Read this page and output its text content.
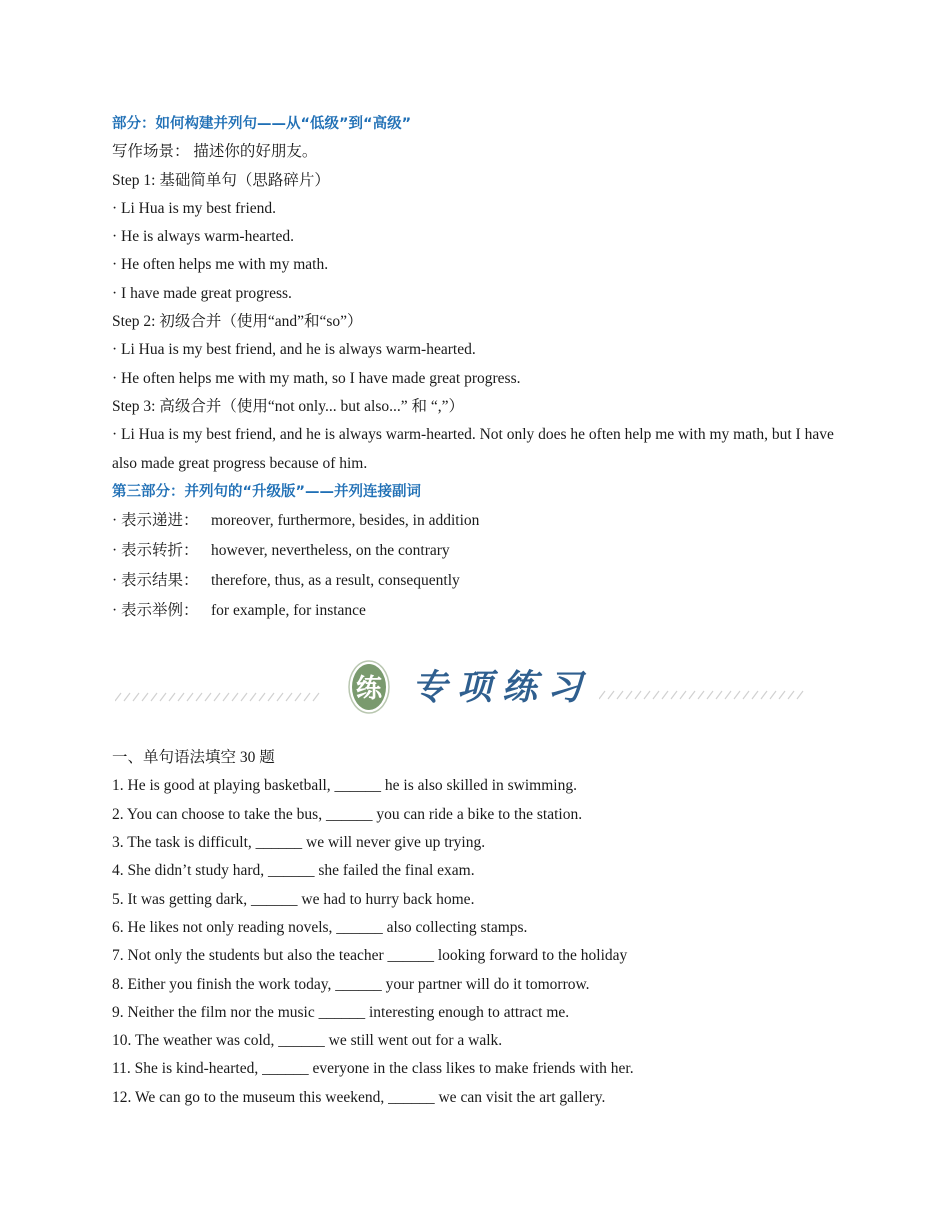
部分：如何构建并列句——从“低级”到“高级”
写作场景： 描述你的好朋友。
Step 1: 基础简单句（思路碎片）
· Li Hua is my best friend.
· He is always warm-hearted.
· He often helps me with my math.
· I have made great progress.
Step 2: 初级合并（使用“and”和“so”）
· Li Hua is my best friend, and he is always warm-hearted.
· He often helps me with my math, so I have made great progress.
Step 3: 高级合并（使用“not only... but also...” 和 “,”）
· Li Hua is my best friend, and he is always warm-hearted. Not only does he often help me with my math, but I have also made great progress because of him.
第三部分：并列句的“升级版”——并列连接副词
· 表示递进： moreover, furthermore, besides, in addition
· 表示转折： however, nevertheless, on the contrary
· 表示结果： therefore, thus, as a result, consequently
· 表示举例： for example, for instance
练 专项练习
一、单句语法填空 30 题
1. He is good at playing basketball, ______ he is also skilled in swimming.
2. You can choose to take the bus, ______ you can ride a bike to the station.
3. The task is difficult, ______ we will never give up trying.
4. She didn’t study hard, ______ she failed the final exam.
5. It was getting dark, ______ we had to hurry back home.
6. He likes not only reading novels, ______ also collecting stamps.
7. Not only the students but also the teacher ______ looking forward to the holiday
8. Either you finish the work today, ______ your partner will do it tomorrow.
9. Neither the film nor the music ______ interesting enough to attract me.
10. The weather was cold, ______ we still went out for a walk.
11. She is kind-hearted, ______ everyone in the class likes to make friends with her.
12. We can go to the museum this weekend, ______ we can visit the art gallery.
